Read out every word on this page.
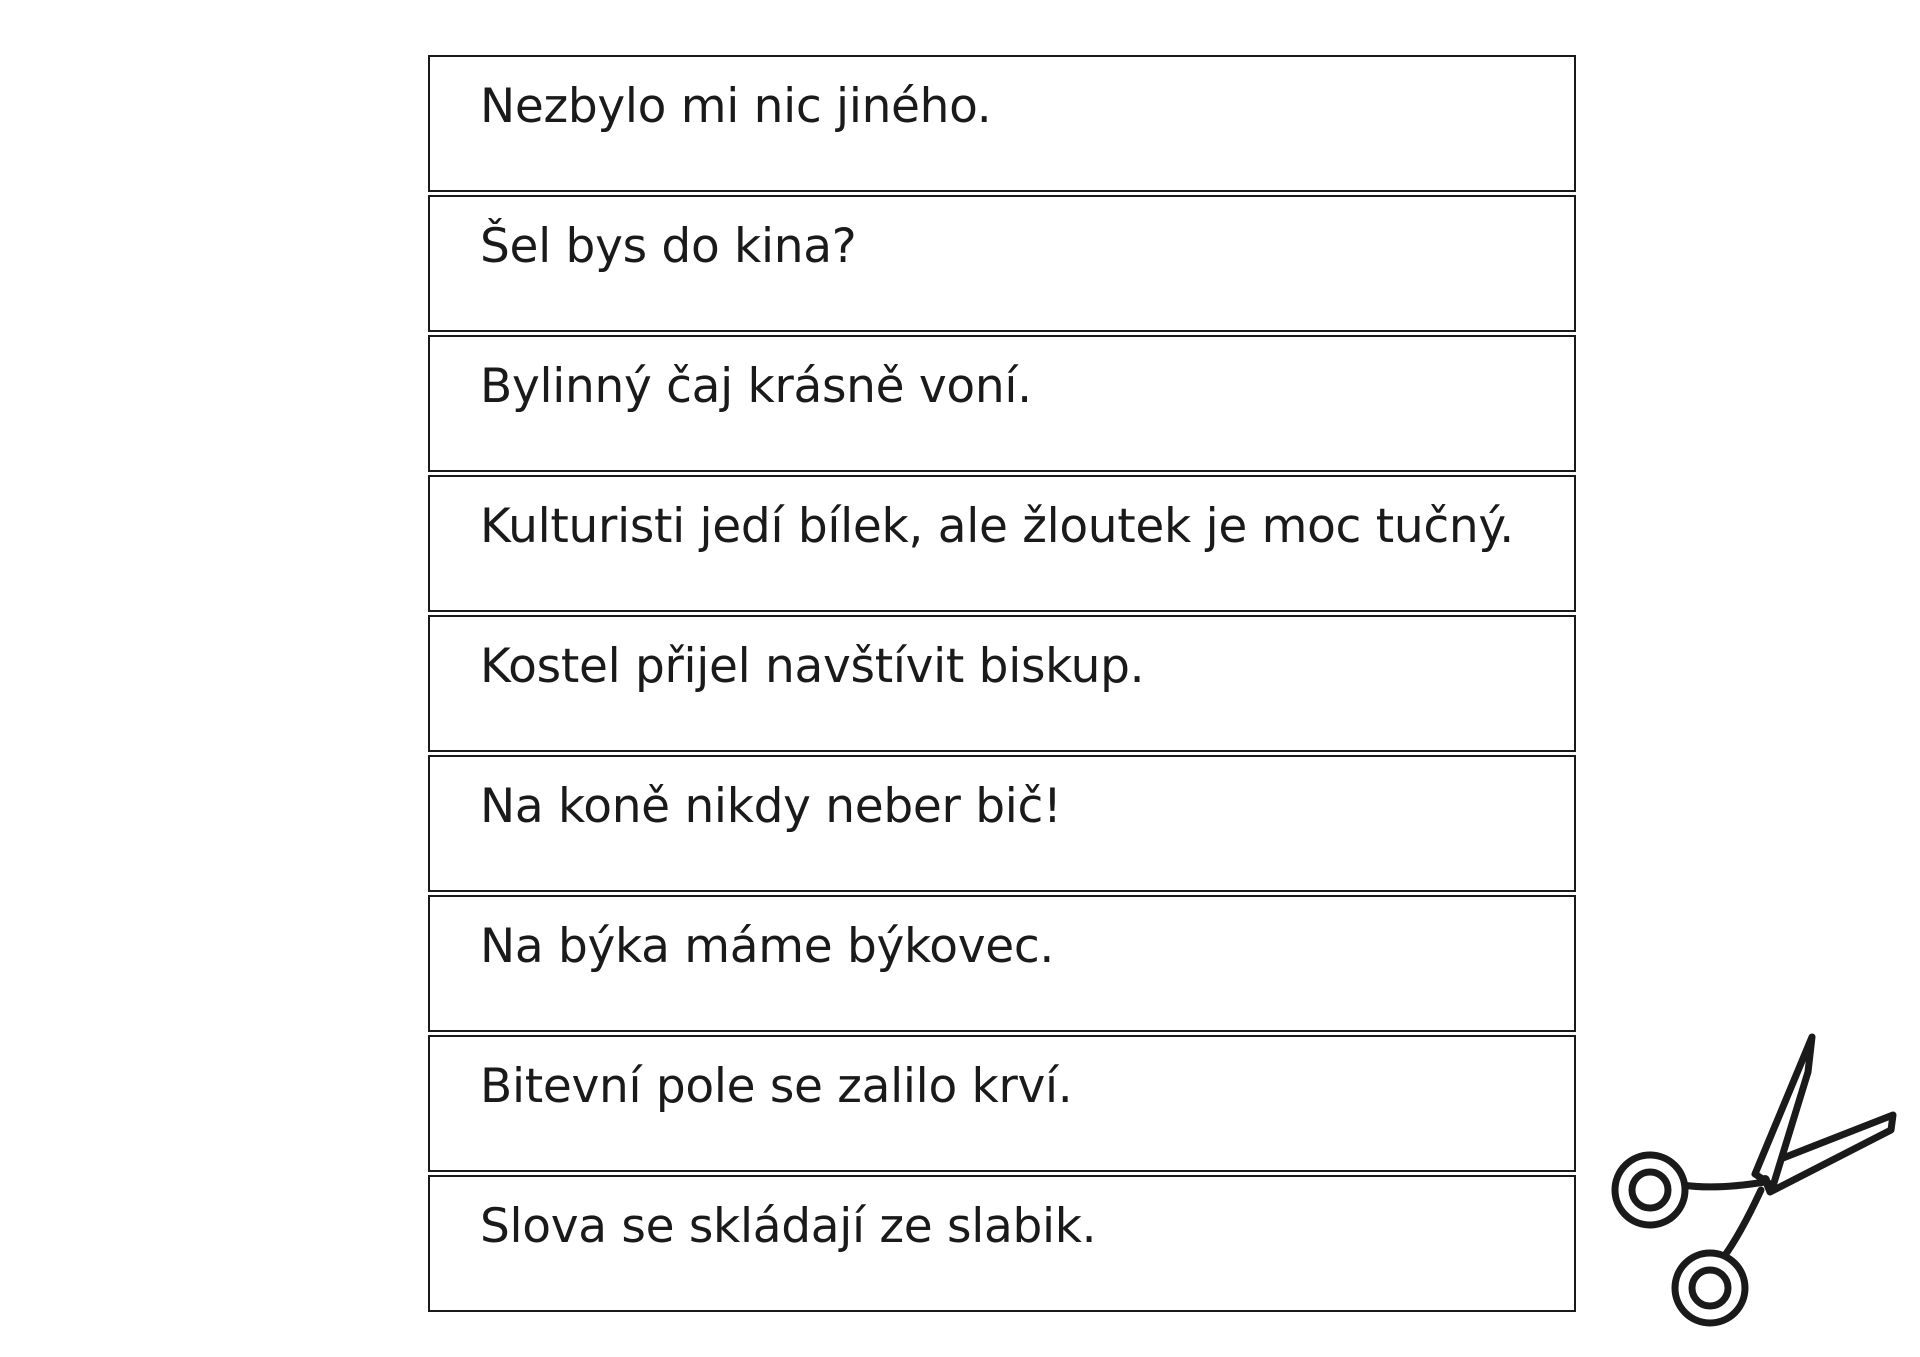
Nezbylo mi nic jiného.
Šel bys do kina?
Bylinný čaj krásně voní.
Kulturisti jedí bílek, ale žloutek je moc tučný.
Kostel přijel navštívit biskup.
Na koně nikdy neber bič!
Na býka máme býkovec.
Bitevní pole se zalilo krví.
Slova se skládají ze slabik.
